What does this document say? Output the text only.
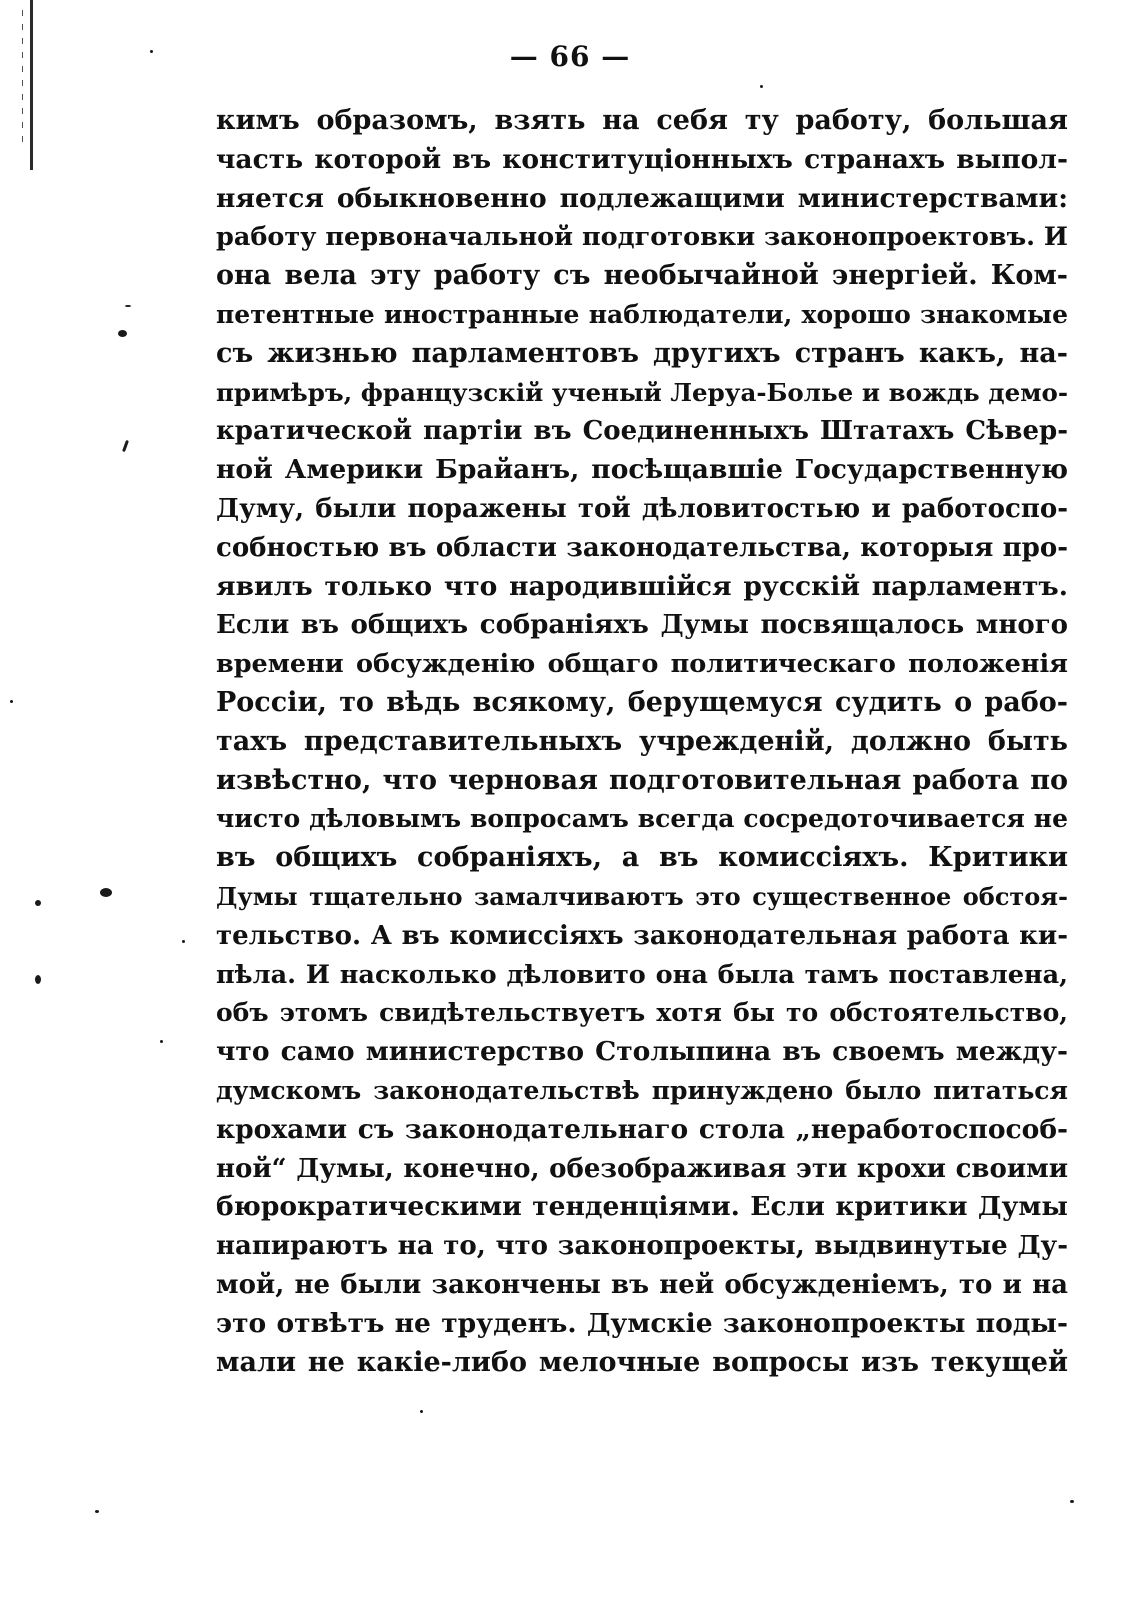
— 66 —
кимъ образомъ, взять на себя ту работу, большая
часть которой въ конституціонныхъ странахъ выпол-
няется обыкновенно подлежащими министерствами:
работу первоначальной подготовки законопроектовъ. И
она вела эту работу съ необычайной энергіей. Ком-
петентные иностранные наблюдатели, хорошо знакомые
съ жизнью парламентовъ другихъ странъ какъ, на-
примѣръ, французскій ученый Леруа-Болье и вождь демо-
кратической партіи въ Соединенныхъ Штатахъ Сѣвер-
ной Америки Брайанъ, посѣщавшіе Государственную
Думу, были поражены той дѣловитостью и работоспо-
собностью въ области законодательства, которыя про-
явилъ только что народившійся русскій парламентъ.
Если въ общихъ собраніяхъ Думы посвящалось много
времени обсужденію общаго политическаго положенія
Россіи, то вѣдь всякому, берущемуся судить о рабо-
тахъ представительныхъ учрежденій, должно быть
извѣстно, что черновая подготовительная работа по
чисто дѣловымъ вопросамъ всегда сосредоточивается не
въ общихъ собраніяхъ, а въ комиссіяхъ. Критики
Думы тщательно замалчиваютъ это существенное обстоя-
тельство. А въ комиссіяхъ законодательная работа ки-
пѣла. И насколько дѣловито она была тамъ поставлена,
объ этомъ свидѣтельствуетъ хотя бы то обстоятельство,
что само министерство Столыпина въ своемъ между-
думскомъ законодательствѣ принуждено было питаться
крохами съ законодательнаго стола „неработоспособ-
ной“ Думы, конечно, обезображивая эти крохи своими
бюрократическими тенденціями. Если критики Думы
напираютъ на то, что законопроекты, выдвинутые Ду-
мой, не были закончены въ ней обсужденіемъ, то и на
это отвѣтъ не труденъ. Думскіе законопроекты поды-
мали не какіе-либо мелочные вопросы изъ текущей
